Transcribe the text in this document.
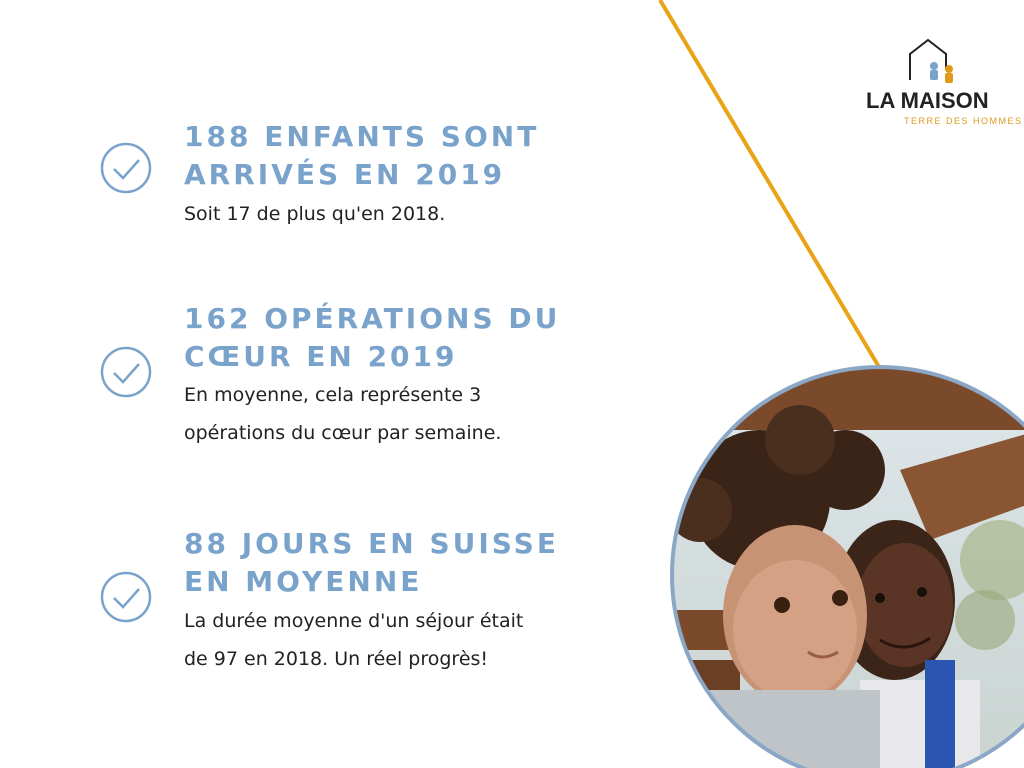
LA MAISON

TERRE DES HOMMES

188 ENFANTS SONT

ARRIVÉS EN 2019

Soit 17 de plus qu'en 2018.

162 OPÉRATIONS DU

CŒUR EN 2019

En moyenne, cela représente 3

opérations du cœur par semaine.

88 JOURS EN SUISSE

EN MOYENNE

La durée moyenne d'un séjour était

de 97 en 2018. Un réel progrès!
